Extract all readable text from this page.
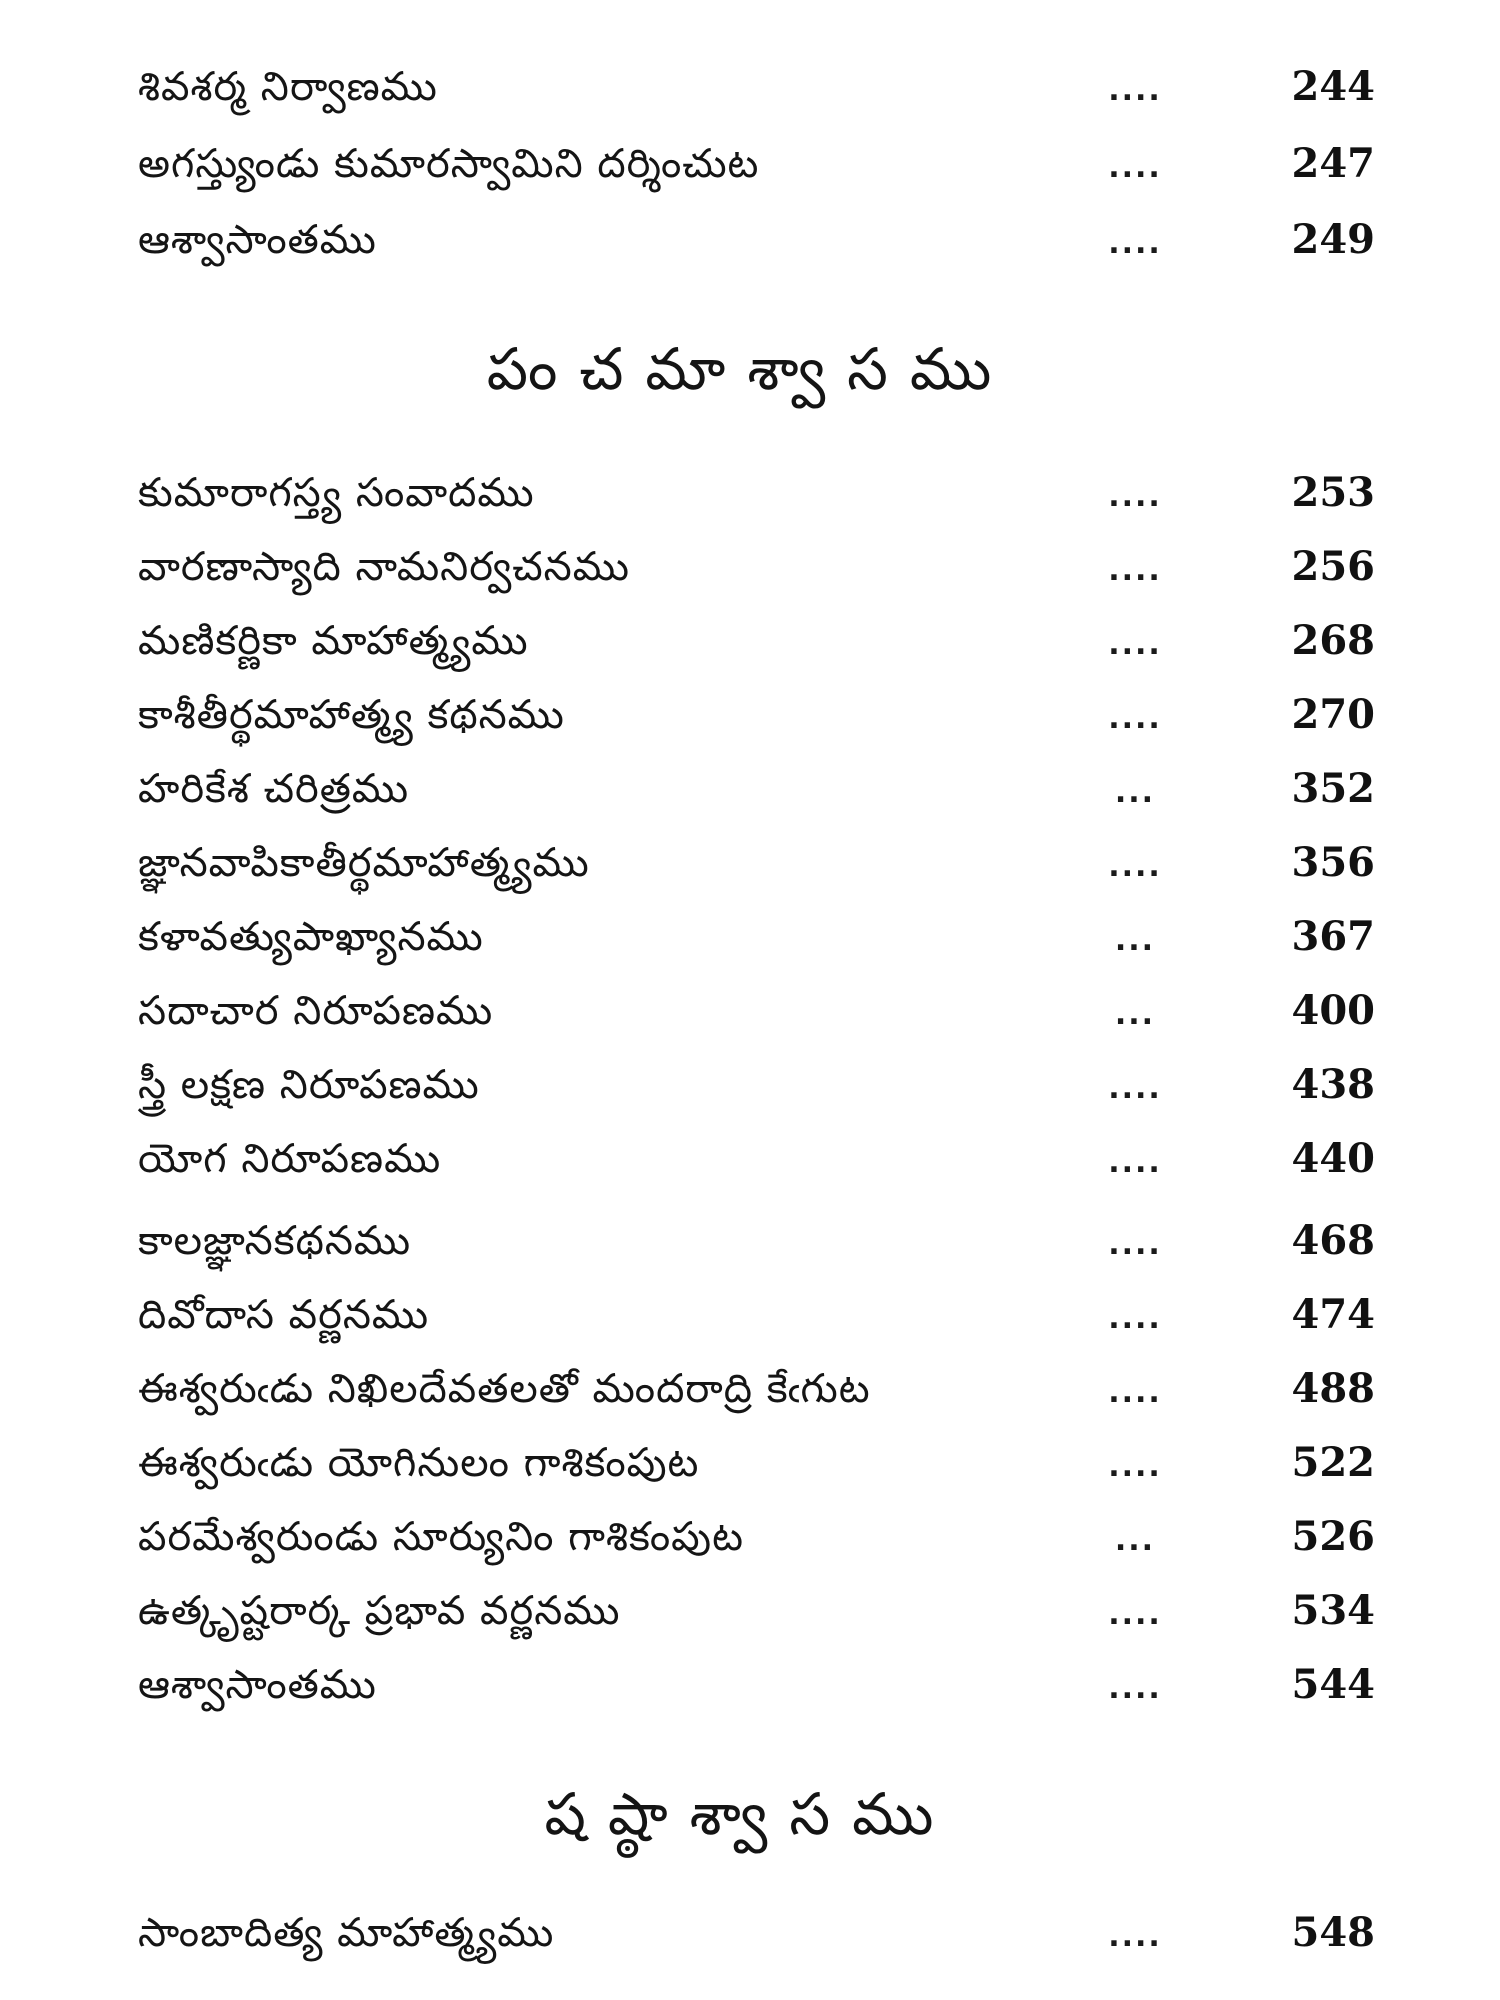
శివశర్మ నిర్వాణము	....	244
అగస్త్యుండు కుమారస్వామిని దర్శించుట	....	247
ఆశ్వాసాంతము	....	249
పంచమాశ్వాసము
కుమారాగస్త్య సంవాదము	....	253
వారణాస్యాది నామనిర్వచనము	....	256
మణికర్ణికా మాహాత్మ్యము	....	268
కాశీతీర్థమాహాత్మ్య కథనము	....	270
హరికేశ చరిత్రము	...	352
జ్ఞానవాపికాతీర్థమాహాత్మ్యము	....	356
కళావత్యుపాఖ్యానము	...	367
సదాచార నిరూపణము	...	400
స్త్రీ లక్షణ నిరూపణము	....	438
యోగ నిరూపణము	....	440
కాలజ్ఞానకథనము	....	468
దివోదాస వర్ణనము	....	474
ఈశ్వరుఁడు నిఖిలదేవతలతో మందరాద్రి కేఁగుట	....	488
ఈశ్వరుఁడు యోగినులం గాశికంపుట	....	522
పరమేశ్వరుండు సూర్యునిం గాశికంపుట	...	526
ఉత్కృష్టరార్క ప్రభావ వర్ణనము	....	534
ఆశ్వాసాంతము	....	544
షష్ఠాశ్వాసము
సాంబాదిత్య మాహాత్మ్యము	....	548
